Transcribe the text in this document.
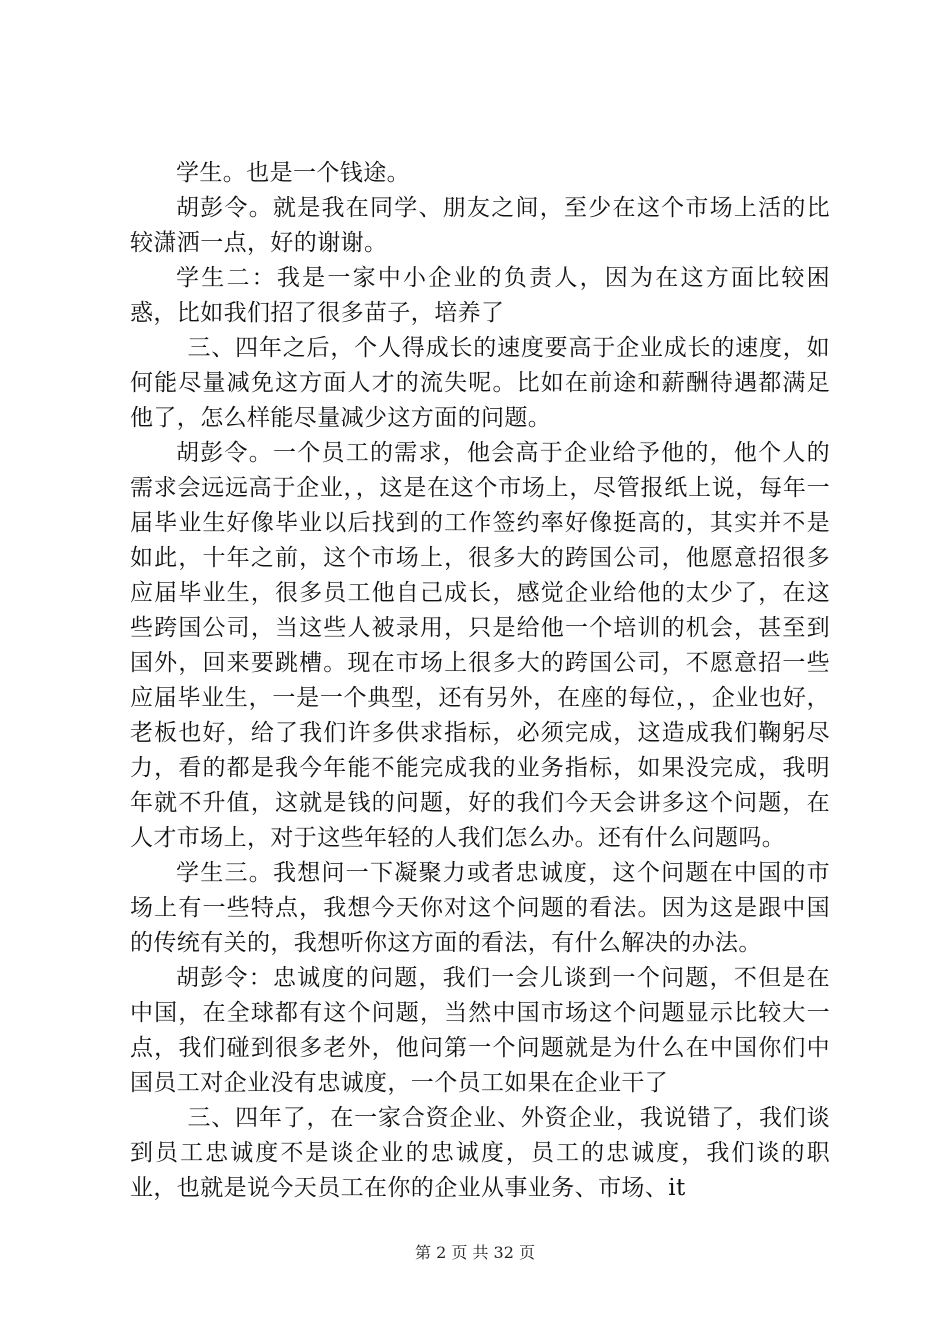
学生。也是一个钱途。

胡彭令。就是我在同学、朋友之间，至少在这个市场上活的比较潇洒一点，好的谢谢。

学生二：我是一家中小企业的负责人，因为在这方面比较困惑，比如我们招了很多苗子，培养了

三、四年之后，个人得成长的速度要高于企业成长的速度，如何能尽量减免这方面人才的流失呢。比如在前途和薪酬待遇都满足他了，怎么样能尽量减少这方面的问题。

胡彭令。一个员工的需求，他会高于企业给予他的，他个人的需求会远远高于企业，，这是在这个市场上，尽管报纸上说，每年一届毕业生好像毕业以后找到的工作签约率好像挺高的，其实并不是如此，十年之前，这个市场上，很多大的跨国公司，他愿意招很多应届毕业生，很多员工他自己成长，感觉企业给他的太少了，在这些跨国公司，当这些人被录用，只是给他一个培训的机会，甚至到国外，回来要跳槽。现在市场上很多大的跨国公司，不愿意招一些应届毕业生，一是一个典型，还有另外，在座的每位，，企业也好，老板也好，给了我们许多供求指标，必须完成，这造成我们鞠躬尽力，看的都是我今年能不能完成我的业务指标，如果没完成，我明年就不升值，这就是钱的问题，好的我们今天会讲多这个问题，在人才市场上，对于这些年轻的人我们怎么办。还有什么问题吗。

学生三。我想问一下凝聚力或者忠诚度，这个问题在中国的市场上有一些特点，我想今天你对这个问题的看法。因为这是跟中国的传统有关的，我想听你这方面的看法，有什么解决的办法。

胡彭令：忠诚度的问题，我们一会儿谈到一个问题，不但是在中国，在全球都有这个问题，当然中国市场这个问题显示比较大一点，我们碰到很多老外，他问第一个问题就是为什么在中国你们中国员工对企业没有忠诚度，一个员工如果在企业干了

三、四年了，在一家合资企业、外资企业，我说错了，我们谈到员工忠诚度不是谈企业的忠诚度，员工的忠诚度，我们谈的职业，也就是说今天员工在你的企业从事业务、市场、it

第 2 页 共 32 页
